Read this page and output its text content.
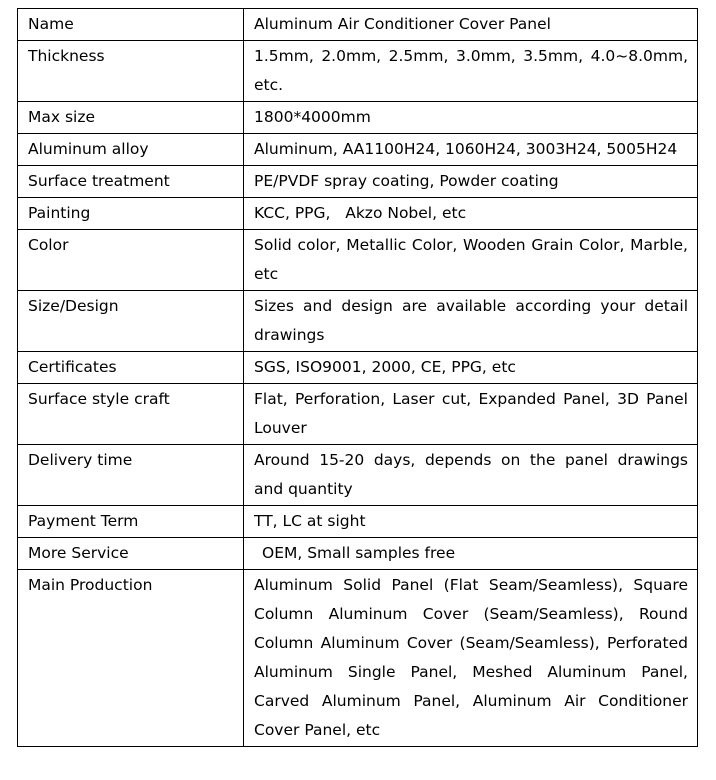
Name	Aluminum Air Conditioner Cover Panel
Thickness	1.5mm, 2.0mm, 2.5mm, 3.0mm, 3.5mm, 4.0~8.0mm, etc.
Max size	1800*4000mm
Aluminum alloy	Aluminum, AA1100H24, 1060H24, 3003H24, 5005H24
Surface treatment	PE/PVDF spray coating, Powder coating
Painting	KCC, PPG,   Akzo Nobel, etc
Color	Solid color, Metallic Color, Wooden Grain Color, Marble, etc
Size/Design	Sizes and design are available according your detail drawings
Certificates	SGS, ISO9001, 2000, CE, PPG, etc
Surface style craft	Flat, Perforation, Laser cut, Expanded Panel, 3D Panel Louver
Delivery time	Around 15-20 days, depends on the panel drawings and quantity
Payment Term	TT, LC at sight
More Service	OEM, Small samples free
Main Production	Aluminum Solid Panel (Flat Seam/Seamless), Square Column Aluminum Cover (Seam/Seamless), Round Column Aluminum Cover (Seam/Seamless), Perforated Aluminum Single Panel, Meshed Aluminum Panel, Carved Aluminum Panel, Aluminum Air Conditioner Cover Panel, etc
